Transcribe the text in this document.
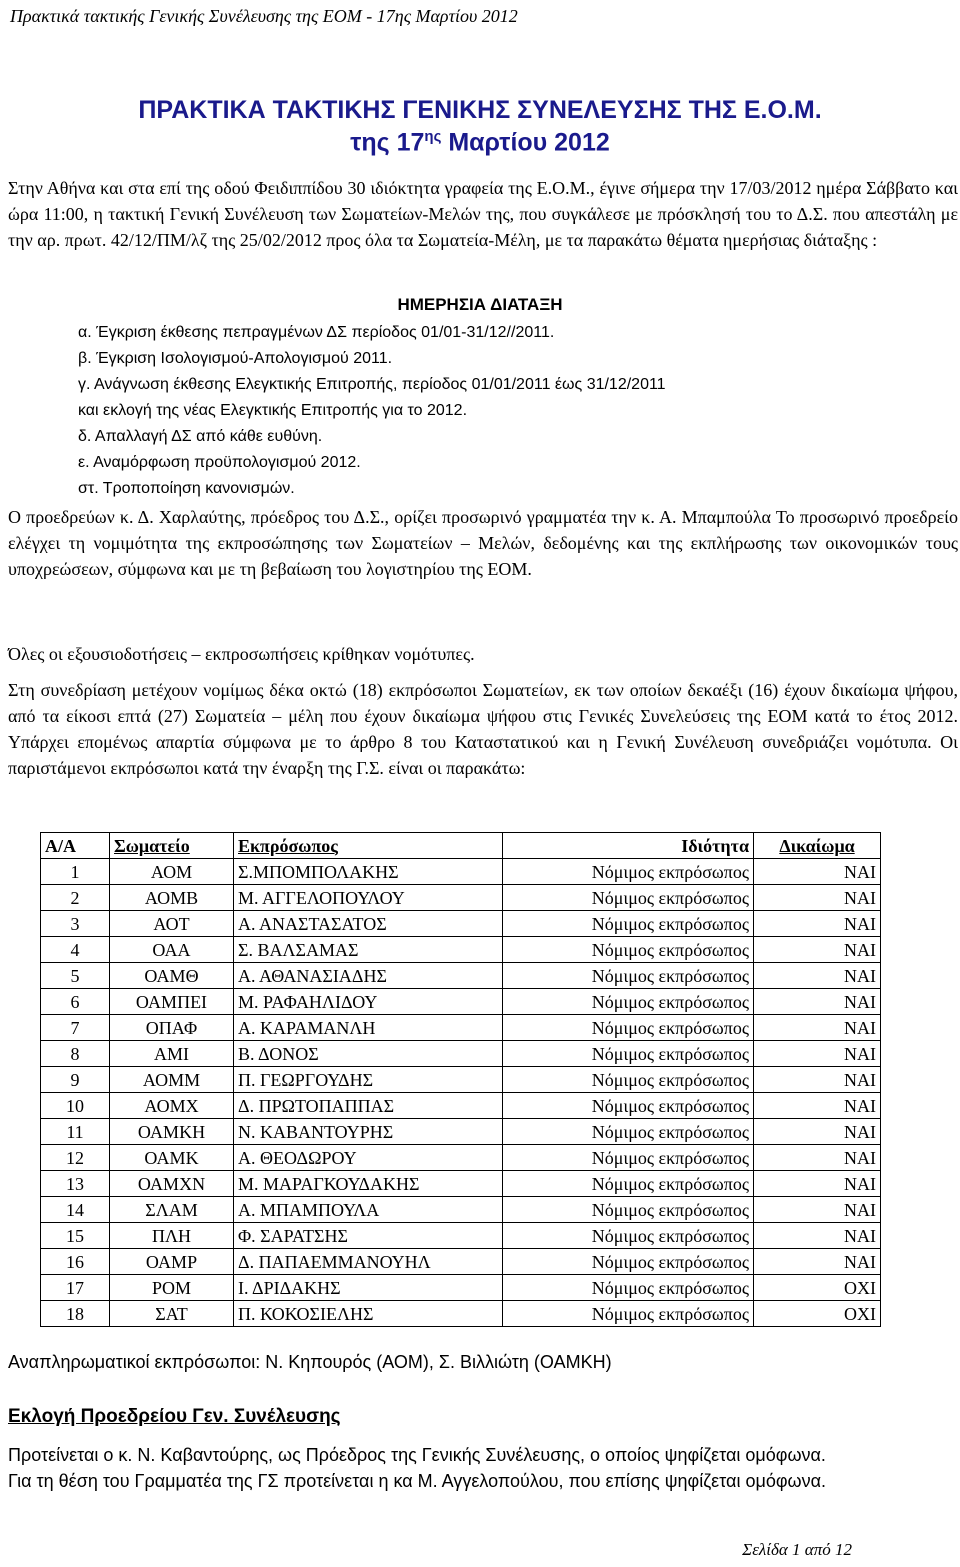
Πρακτικά τακτικής Γενικής Συνέλευσης της ΕΟΜ - 17ης Μαρτίου 2012
ΠΡΑΚΤΙΚΑ ΤΑΚΤΙΚΗΣ ΓΕΝΙΚΗΣ ΣΥΝΕΛΕΥΣΗΣ ΤΗΣ Ε.Ο.Μ.
της $17^{\eta\varsigma}$ Μαρτίου 2012
Στην Αθήνα και στα επί της οδού Φειδιππίδου 30 ιδιόκτητα γραφεία της Ε.Ο.Μ., έγινε σήμερα την 17/03/2012 ημέρα Σάββατο και ώρα 11:00, η τακτική Γενική Συνέλευση των Σωματείων-Μελών της, που συγκάλεσε με πρόσκλησή του το Δ.Σ. που απεστάλη με την αρ. πρωτ. 42/12/ΠΜ/λζ της 25/02/2012 προς όλα τα Σωματεία-Μέλη, με τα παρακάτω θέματα ημερήσιας διάταξης :
ΗΜΕΡΗΣΙΑ ΔΙΑΤΑΞΗ
α. Έγκριση έκθεσης πεπραγμένων ΔΣ περίοδος 01/01-31/12//2011.
β. Έγκριση Ισολογισμού-Απολογισμού 2011.
γ. Ανάγνωση έκθεσης Ελεγκτικής Επιτροπής, περίοδος 01/01/2011 έως 31/12/2011
και εκλογή της νέας Ελεγκτικής Επιτροπής για το 2012.
δ. Απαλλαγή ΔΣ από κάθε ευθύνη.
ε. Αναμόρφωση προϋπολογισμού 2012.
στ. Τροποποίηση κανονισμών.
Ο προεδρεύων κ. Δ. Χαρλαύτης, πρόεδρος του Δ.Σ., ορίζει προσωρινό γραμματέα την κ. Α. Μπαμπούλα Το προσωρινό προεδρείο ελέγχει τη νομιμότητα της εκπροσώπησης των Σωματείων – Μελών, δεδομένης και της εκπλήρωσης των οικονομικών τους υποχρεώσεων, σύμφωνα και με τη βεβαίωση του λογιστηρίου της ΕΟΜ.
Όλες οι εξουσιοδοτήσεις – εκπροσωπήσεις κρίθηκαν νομότυπες.
Στη συνεδρίαση μετέχουν νομίμως δέκα οκτώ (18) εκπρόσωποι Σωματείων, εκ των οποίων δεκαέξι (16) έχουν δικαίωμα ψήφου, από τα είκοσι επτά (27) Σωματεία – μέλη που έχουν δικαίωμα ψήφου στις Γενικές Συνελεύσεις της ΕΟΜ κατά το έτος 2012. Υπάρχει επομένως απαρτία σύμφωνα με το άρθρο 8 του Καταστατικού και η Γενική Συνέλευση συνεδριάζει νομότυπα. Οι παριστάμενοι εκπρόσωποι κατά την έναρξη της Γ.Σ. είναι οι παρακάτω:
Α/Α	Σωματείο	Εκπρόσωπος	Ιδιότητα	Δικαίωμα
1	ΑΟΜ	Σ.ΜΠΟΜΠΟΛΑΚΗΣ	Νόμιμος εκπρόσωπος	ΝΑΙ
2	ΑΟΜΒ	Μ. ΑΓΓΕΛΟΠΟΥΛΟΥ	Νόμιμος εκπρόσωπος	ΝΑΙ
3	ΑΟΤ	Α. ΑΝΑΣΤΑΣΑΤΟΣ	Νόμιμος εκπρόσωπος	ΝΑΙ
4	ΟΑΑ	Σ. ΒΑΛΣΑΜΑΣ	Νόμιμος εκπρόσωπος	ΝΑΙ
5	ΟΑΜΘ	Α. ΑΘΑΝΑΣΙΑΔΗΣ	Νόμιμος εκπρόσωπος	ΝΑΙ
6	ΟΑΜΠΕΙ	Μ. ΡΑΦΑΗΛΙΔΟΥ	Νόμιμος εκπρόσωπος	ΝΑΙ
7	ΟΠΑΦ	Α. ΚΑΡΑΜΑΝΛΗ	Νόμιμος εκπρόσωπος	ΝΑΙ
8	ΑΜΙ	Β. ΔΟΝΟΣ	Νόμιμος εκπρόσωπος	ΝΑΙ
9	ΑΟΜΜ	Π. ΓΕΩΡΓΟΥΔΗΣ	Νόμιμος εκπρόσωπος	ΝΑΙ
10	ΑΟΜΧ	Δ. ΠΡΩΤΟΠΑΠΠΑΣ	Νόμιμος εκπρόσωπος	ΝΑΙ
11	ΟΑΜΚΗ	Ν. ΚΑΒΑΝΤΟΥΡΗΣ	Νόμιμος εκπρόσωπος	ΝΑΙ
12	ΟΑΜΚ	Α. ΘΕΟΔΩΡΟΥ	Νόμιμος εκπρόσωπος	ΝΑΙ
13	ΟΑΜΧΝ	Μ. ΜΑΡΑΓΚΟΥΔΑΚΗΣ	Νόμιμος εκπρόσωπος	ΝΑΙ
14	ΣΛΑΜ	Α. ΜΠΑΜΠΟΥΛΑ	Νόμιμος εκπρόσωπος	ΝΑΙ
15	ΠΛΗ	Φ. ΣΑΡΑΤΣΗΣ	Νόμιμος εκπρόσωπος	ΝΑΙ
16	ΟΑΜΡ	Δ. ΠΑΠΑΕΜΜΑΝΟΥΗΛ	Νόμιμος εκπρόσωπος	ΝΑΙ
17	ΡΟΜ	Ι. ΔΡΙΔΑΚΗΣ	Νόμιμος εκπρόσωπος	ΟΧΙ
18	ΣΑΤ	Π. ΚΟΚΟΣΙΕΛΗΣ	Νόμιμος εκπρόσωπος	ΟΧΙ
Αναπληρωματικοί εκπρόσωποι: Ν. Κηπουρός (ΑΟΜ), Σ. Βιλλιώτη (ΟΑΜΚΗ)
Εκλογή Προεδρείου Γεν. Συνέλευσης
Προτείνεται ο κ. Ν. Καβαντούρης, ως Πρόεδρος της Γενικής Συνέλευσης, ο οποίος ψηφίζεται ομόφωνα.
Για τη θέση του Γραμματέα της ΓΣ προτείνεται η κα Μ. Αγγελοπούλου, που επίσης ψηφίζεται ομόφωνα.
Σελίδα 1 από 12
